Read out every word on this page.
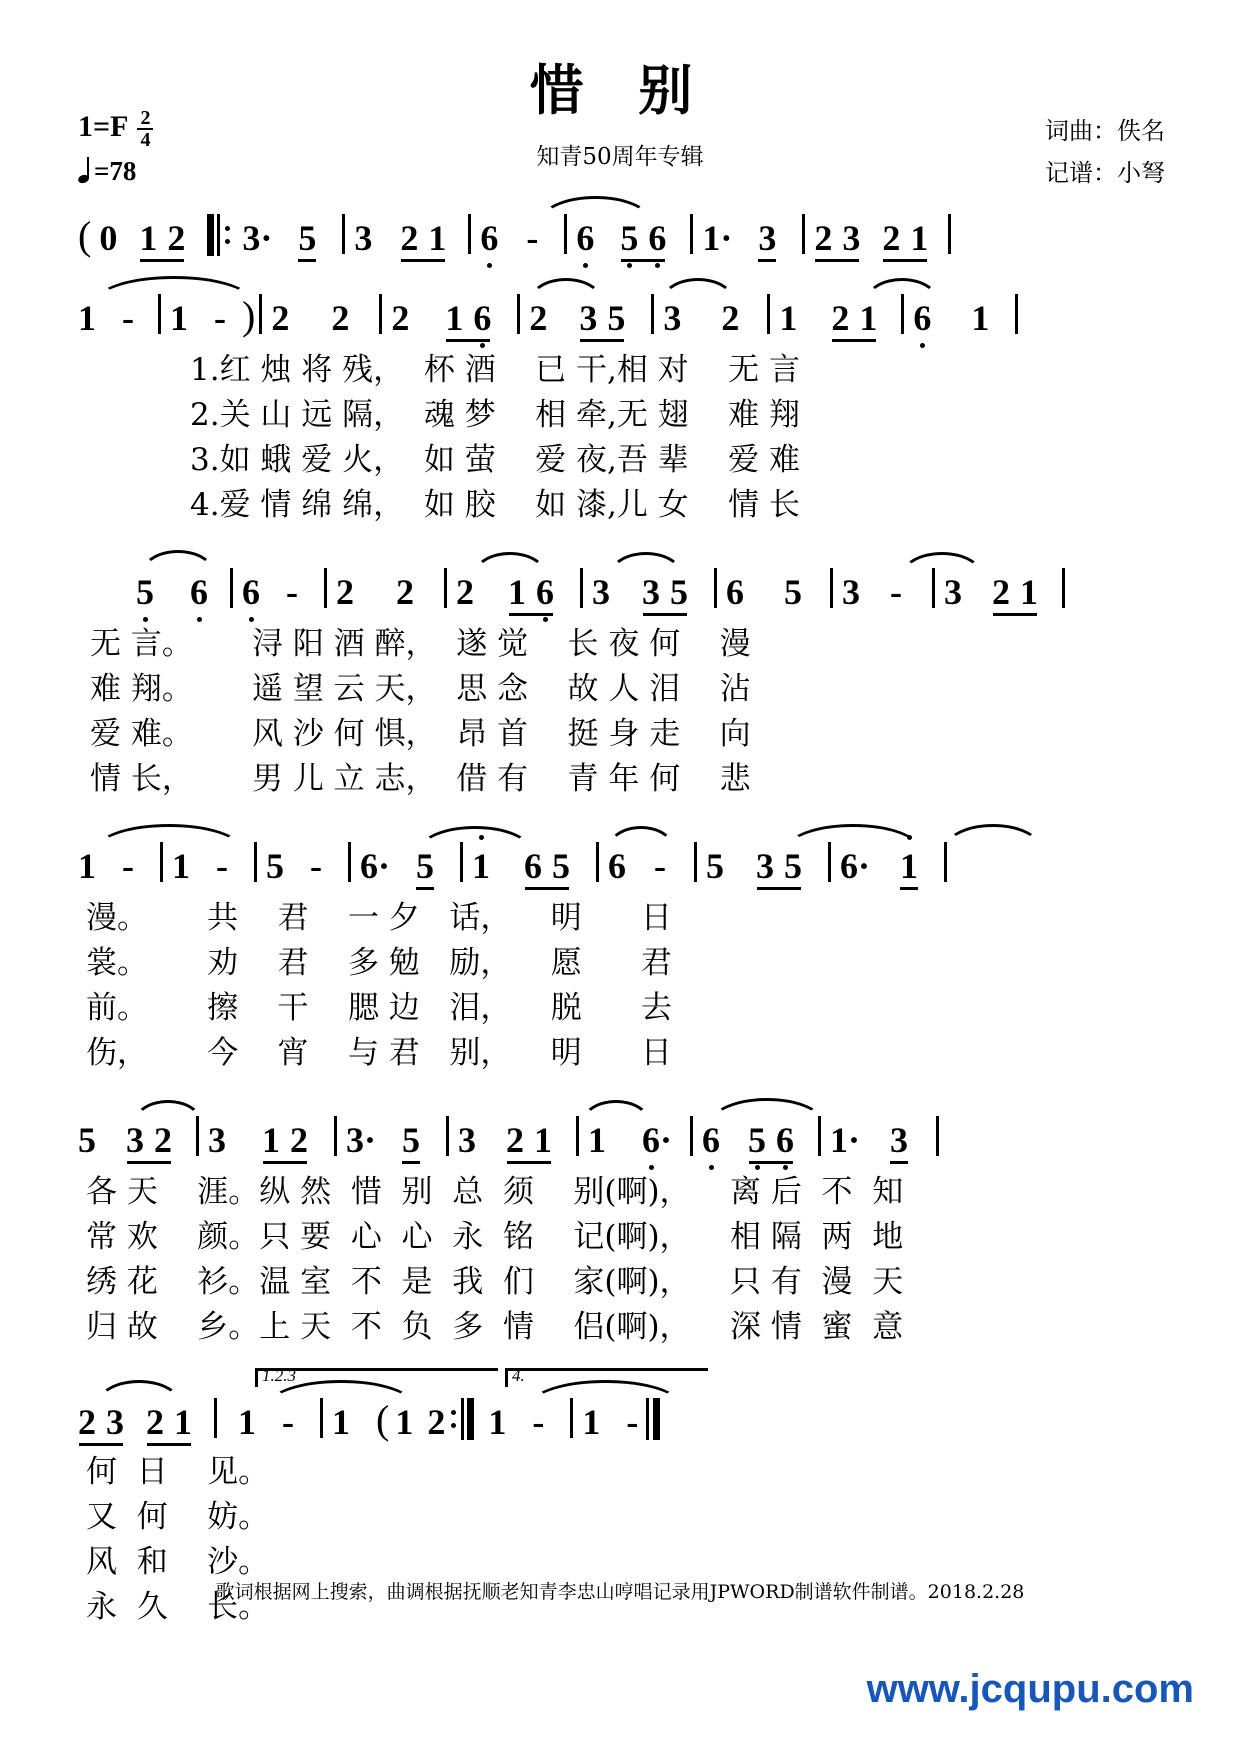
惜 别
知青50周年专辑
1= F $\frac{2}{4}$
= 78
词曲：佚名
记谱：小弩
( 0 1 2 3 · 5 3 2 1 6 - 6 5 6 1 · 3 2 3 2 1
1 - 1 - ) 2 2 2 1 6 2 3 5 3 2 1 2 1 6 1
1.红 烛 将 残，  杯 酒    已 干,相 对    无 言
2.关 山 远 隔，  魂 梦    相 牵,无 翅    难 翔
3.如 蛾 爱 火，  如 萤    爱 夜,吾 辈    爱 难
4.爱 情 绵 绵，  如 胶    如 漆,儿 女    情 长
5 6 6 - 2 2 2 1 6 3 3 5 6 5 3 - 3 2 1
无 言。      浔 阳 酒 醉，  遂 觉    长 夜 何    漫
难 翔。      遥 望 云 天，  思 念    故 人 泪    沾
爱 难。      风 沙 何 惧，  昂 首    挺 身 走    向
情 长，      男 儿 立 志，  借 有    青 年 何    悲
1 - 1 - 5 - 6 · 5 1 6 5 6 - 5 3 5 6 · 1
漫。      共    君    一 夕   话，    明      日
裳。      劝    君    多 勉   励，    愿      君
前。      擦    干    腮 边   泪，    脱      去
伤，      今    宵    与 君   别，    明      日
5 3 2 3 1 2 3 · 5 3 2 1 1 6 · 6 5 6 1 · 3
各 天    涯。纵 然  惜  别  总  须    别(啊)，    离 后  不  知
常 欢    颜。只 要  心  心  永  铭    记(啊)，    相 隔  两  地
绣 花    衫。温 室  不  是  我  们    家(啊)，    只 有  漫  天
归 故    乡。上 天  不  负  多  情    侣(啊)，    深 情  蜜  意
1.2.3	4.
2 3 2 1 1 - 1 ( 1 2 1 - 1 -
何  日    见。
又  何    妨。
风  和    沙。
永  久    长。
歌词根据网上搜索，曲调根据抚顺老知青李忠山哼唱记录用JPWORD制谱软件制谱。2018.2.28
www.jcqupu.com
